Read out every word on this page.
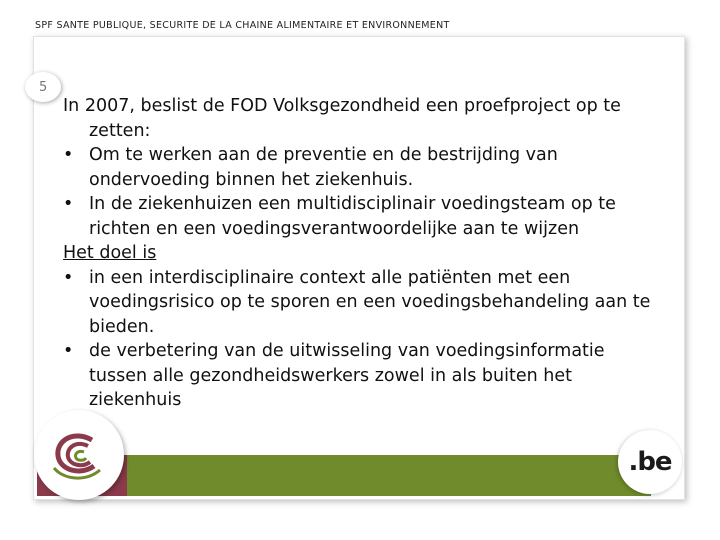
SPF SANTE PUBLIQUE, SECURITE DE LA CHAINE ALIMENTAIRE ET ENVIRONNEMENT
5
.be

In 2007, beslist de FOD Volksgezondheid een proefproject op te zetten:

• Om te werken aan de preventie en de bestrijding van ondervoeding binnen het ziekenhuis.

• In de ziekenhuizen een multidisciplinair voedingsteam op te richten en een voedingsverantwoordelijke aan te wijzen

Het doel is

• in een interdisciplinaire context alle patiënten met een voedingsrisico op te sporen en een voedingsbehandeling aan te bieden.

• de verbetering van de uitwisseling van voedingsinformatie tussen alle gezondheidswerkers zowel in als buiten het ziekenhuis
